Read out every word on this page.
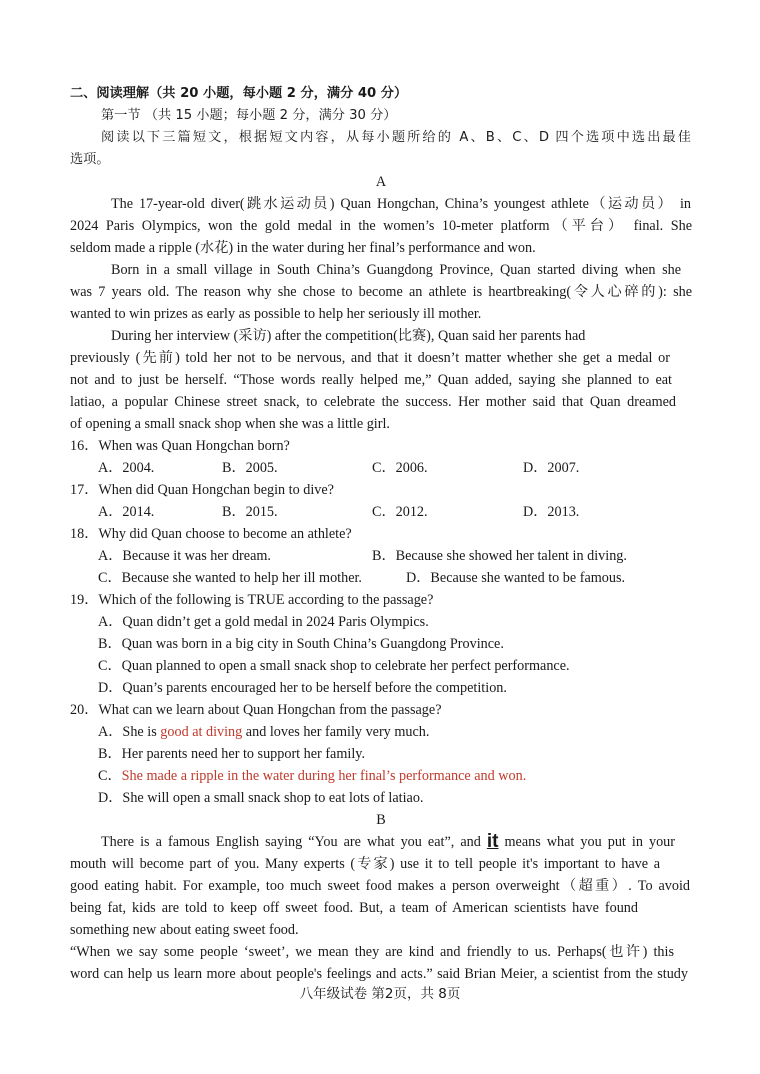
二、阅读理解（共 20 小题，每小题 2 分，满分 40 分）
第一节 （共 15 小题；每小题 2 分，满分 30 分）
阅读以下三篇短文，根据短文内容，从每小题所给的 A、B、C、D 四个选项中选出最佳
选项。
A
The 17-year-old diver(跳水运动员) Quan Hongchan, China’s youngest athlete（运动员） in
2024 Paris Olympics, won the gold medal in the women’s 10-meter platform（平台） final. She
seldom made a ripple (水花) in the water during her final’s performance and won.
Born in a small village in South China’s Guangdong Province, Quan started diving when she
was 7 years old. The reason why she chose to become an athlete is heartbreaking(令人心碎的): she
wanted to win prizes as early as possible to help her seriously ill mother.
During her interview (采访) after the competition(比赛), Quan said her parents had
previously (先前) told her not to be nervous, and that it doesn’t matter whether she get a medal or
not and to just be herself. “Those words really helped me,” Quan added, saying she planned to eat
latiao, a popular Chinese street snack, to celebrate the success. Her mother said that Quan dreamed
of opening a small snack shop when she was a little girl.
16．When was Quan Hongchan born?
A．2004.	B．2005.	C．2006.	D．2007.
17．When did Quan Hongchan begin to dive?
A．2014.	B．2015.	C．2012.	D．2013.
18．Why did Quan choose to become an athlete?
A．Because it was her dream.	B．Because she showed her talent in diving.
C．Because she wanted to help her ill mother.	D．Because she wanted to be famous.
19．Which of the following is TRUE according to the passage?
A．Quan didn’t get a gold medal in 2024 Paris Olympics.
B．Quan was born in a big city in South China’s Guangdong Province.
C．Quan planned to open a small snack shop to celebrate her perfect performance.
D．Quan’s parents encouraged her to be herself before the competition.
20．What can we learn about Quan Hongchan from the passage?
A．She is good at diving and loves her family very much.
B．Her parents need her to support her family.
C．She made a ripple in the water during her final’s performance and won.
D．She will open a small snack shop to eat lots of latiao.
B
There is a famous English saying “You are what you eat”, and it means what you put in your
mouth will become part of you. Many experts (专家) use it to tell people it's important to have a
good eating habit. For example, too much sweet food makes a person overweight（超重）. To avoid
being fat, kids are told to keep off sweet food. But, a team of American scientists have found
something new about eating sweet food.
“When we say some people ‘sweet’, we mean they are kind and friendly to us. Perhaps(也许) this
word can help us learn more about people's feelings and acts.” said Brian Meier, a scientist from the study
八年级试卷 第2页，共 8页
